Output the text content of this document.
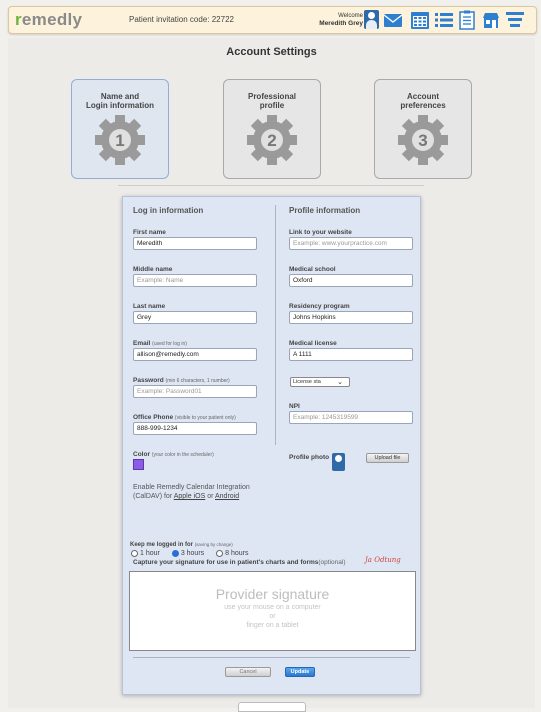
remedly	Patient invitation code: 22722	Welcome
Meredith Grey
Account Settings
Name and
Login information
1
Professional
profile
2
Account
preferences
3
Log in information	Profile information
First name
Meredith
Middle name
Example: Name
Last name
Grey
Email (used for log in)
allison@remedly.com
Password (min 6 characters, 1 number)
Example: Password01
Office Phone (visible to your patient only)
888-999-1234
Color (your color in the scheduler)
Link to your website
Example: www.yourpractice.com
Medical school
Oxford
Residency program
Johns Hopkins
Medical license
A 1111
License sta ⌄
NPI
Example: 1245319599
Profile photo	Upload file
Enable Remedly Calendar Integration (CalDAV) for Apple iOS or Android
Keep me logged in for (saving by change)
1 hour	3 hours	8 hours
Capture your signature for use in patient's charts and forms(optional)	Ja Odtung
Provider signature
use your mouse on a computer
or
finger on a tablet
Cancel	Update
